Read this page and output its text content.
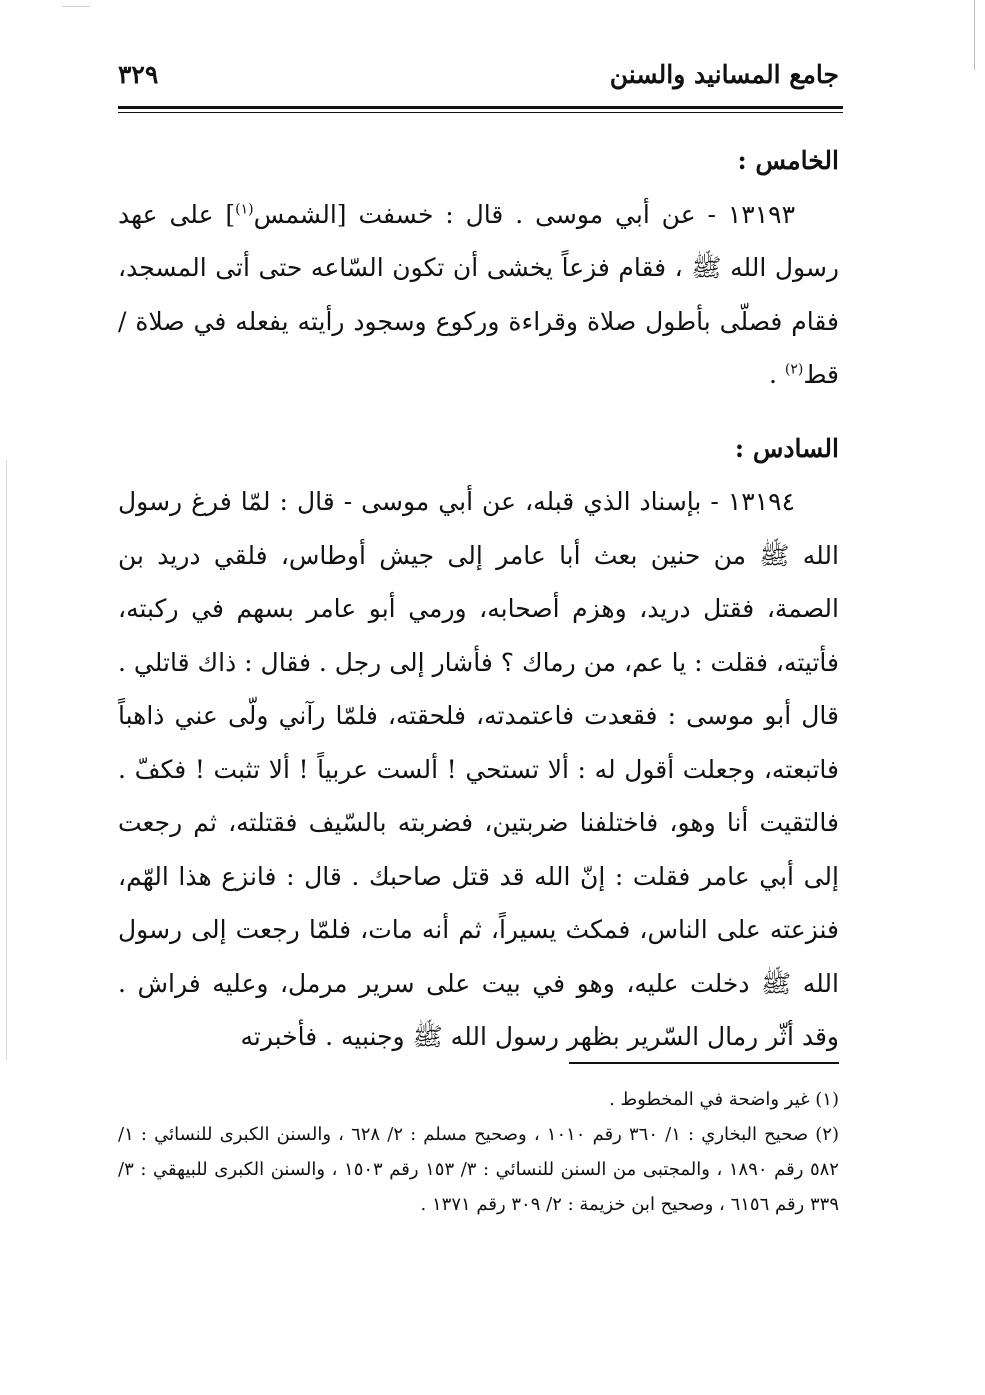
جامع المسانيد والسنن
٣٢٩

الخامس :

١٣١٩٣ - عن أبي موسى . قال : خسفت [الشمس$^{(١)}$] على عهد رسول الله ﷺ ، فقام فزعاً يخشى أن تكون السّاعه حتى أتى المسجد، فقام فصلّى بأطول صلاة وقراءة وركوع وسجود رأيته يفعله في صلاة / قط$^{(٢)}$ .

السادس :

١٣١٩٤ - بإسناد الذي قبله، عن أبي موسى - قال : لمّا فرغ رسول الله ﷺ من حنين بعث أبا عامر إلى جيش أوطاس، فلقي دريد بن الصمة، فقتل دريد، وهزم أصحابه، ورمي أبو عامر بسهم في ركبته، فأتيته، فقلت : يا عم، من رماك ؟ فأشار إلى رجل . فقال : ذاك قاتلي . قال أبو موسى : فقعدت فاعتمدته، فلحقته، فلمّا رآني ولّى عني ذاهباً فاتبعته، وجعلت أقول له : ألا تستحي ! ألست عربياً ! ألا تثبت ! فكفّ . فالتقيت أنا وهو، فاختلفنا ضربتين، فضربته بالسّيف فقتلته، ثم رجعت إلى أبي عامر فقلت : إنّ الله قد قتل صاحبك . قال : فانزع هذا الهّم، فنزعته على الناس، فمكث يسيراً، ثم أنه مات، فلمّا رجعت إلى رسول الله ﷺ دخلت عليه، وهو في بيت على سرير مرمل، وعليه فراش . وقد أثّر رمال السّرير بظهر رسول الله ﷺ وجنبيه . فأخبرته

(١) غير واضحة في المخطوط .

(٢) صحيح البخاري : ١/ ٣٦٠ رقم ١٠١٠ ، وصحيح مسلم : ٢/ ٦٢٨ ، والسنن الكبرى للنسائي : ١/ ٥٨٢ رقم ١٨٩٠ ، والمجتبى من السنن للنسائي : ٣/ ١٥٣ رقم ١٥٠٣ ، والسنن الكبرى للبيهقي : ٣/ ٣٣٩ رقم ٦١٥٦ ، وصحيح ابن خزيمة : ٢/ ٣٠٩ رقم ١٣٧١ .
